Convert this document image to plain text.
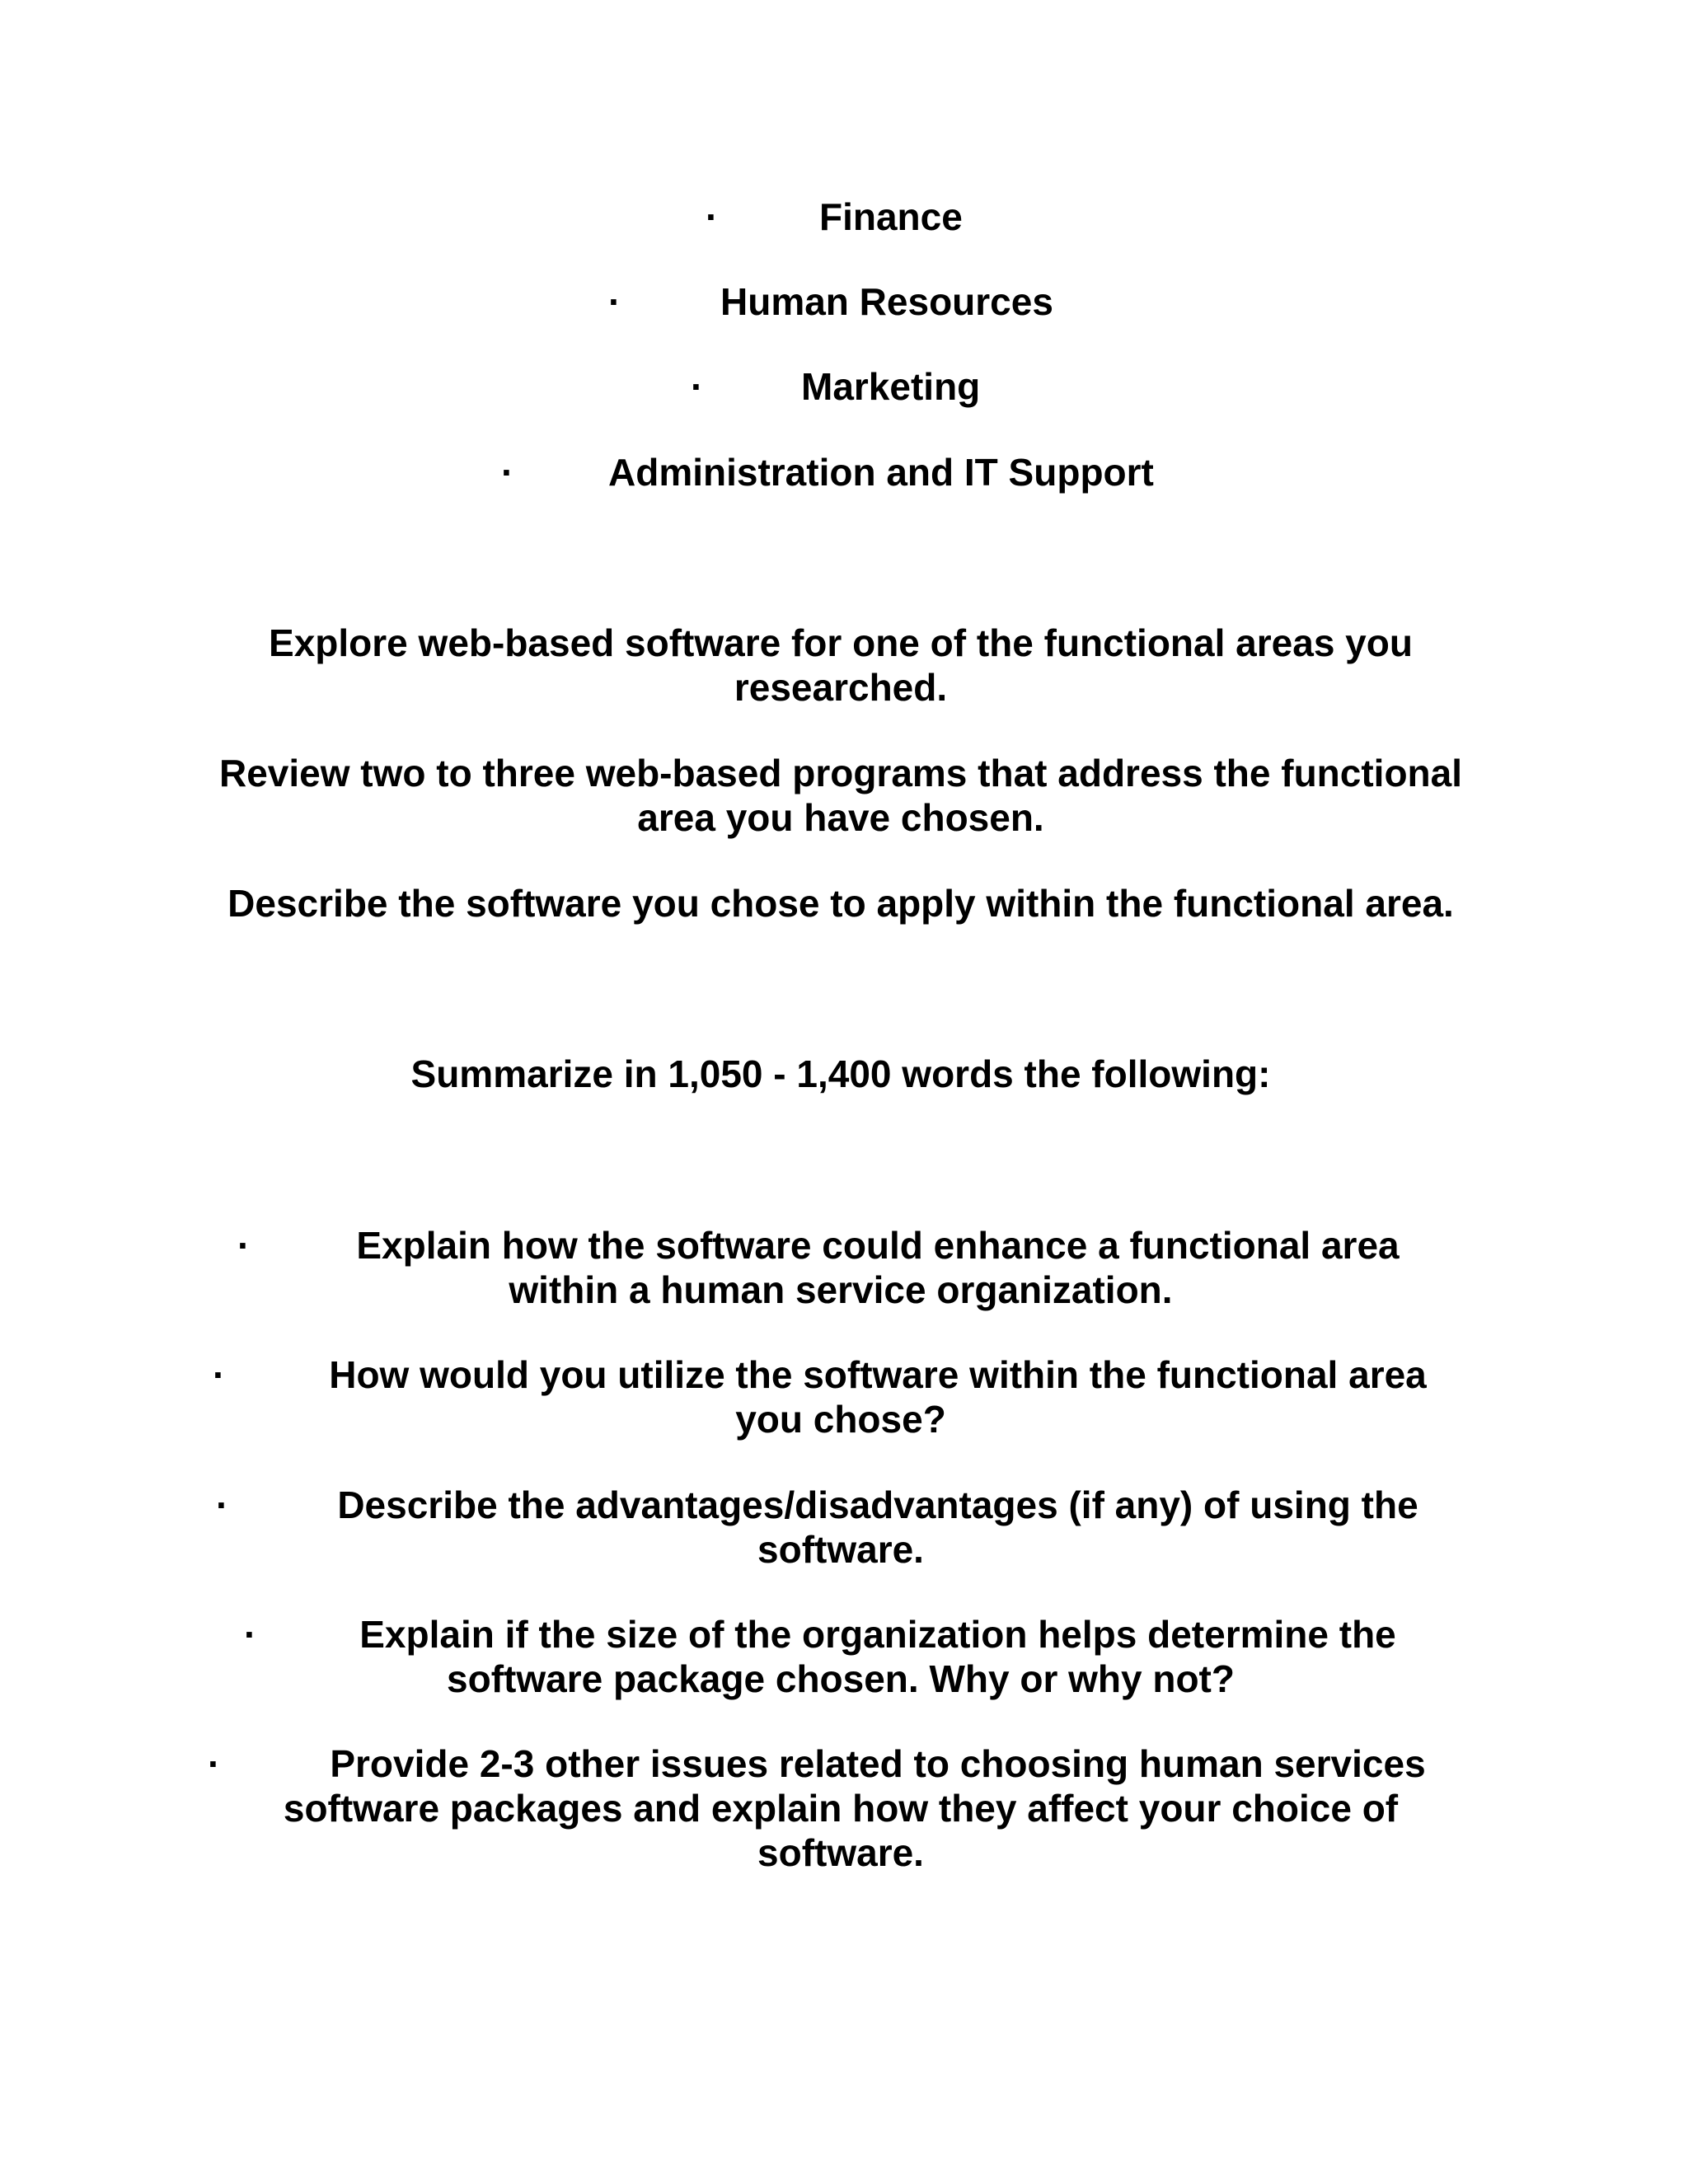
·	Finance
·	Human Resources
·	Marketing
· Administration and IT Support
Explore web-based software for one of the functional areas you
researched.
Review two to three web-based programs that address the functional
area you have chosen.
Describe the software you chose to apply within the functional area.
Summarize in 1,050 - 1,400 words the following:
·	Explain how the software could enhance a functional area
within a human service organization.
·	How would you utilize the software within the functional area
you chose?
·	Describe the advantages/disadvantages (if any) of using the
software.
·	Explain if the size of the organization helps determine the
software package chosen. Why or why not?
·	Provide 2-3 other issues related to choosing human services
software packages and explain how they affect your choice of
software.
